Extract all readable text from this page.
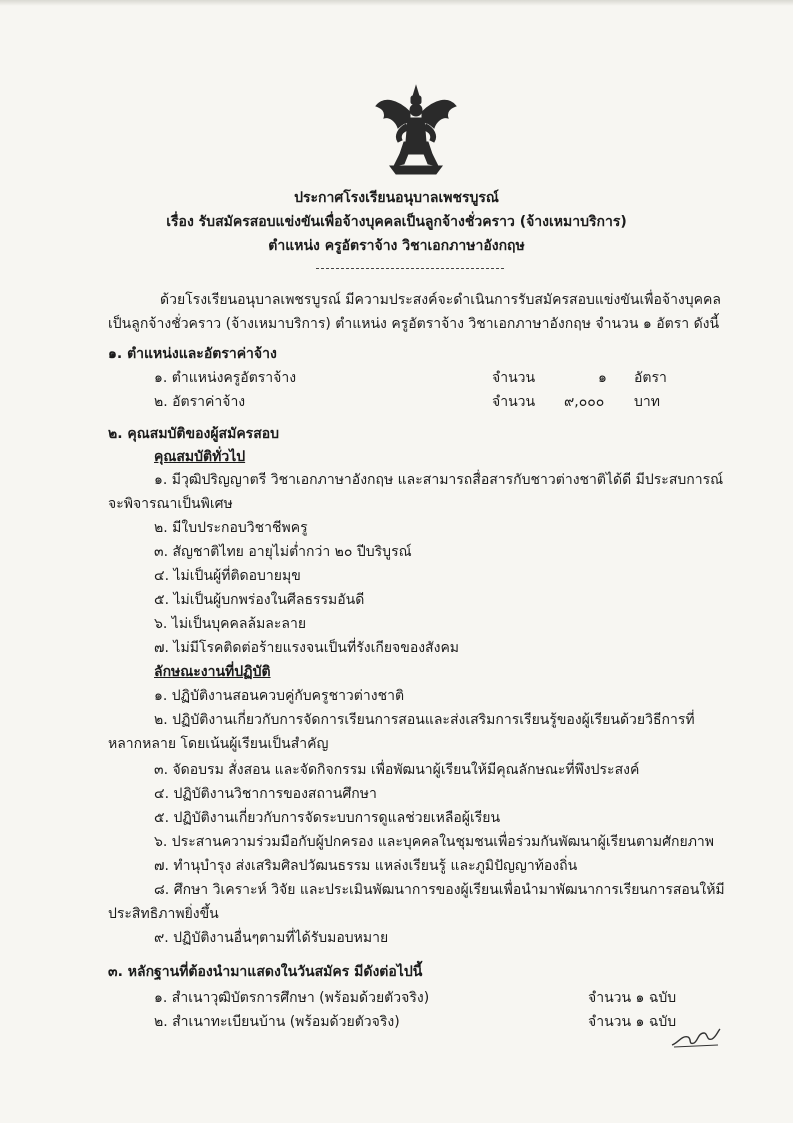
ประกาศโรงเรียนอนุบาลเพชรบูรณ์
เรื่อง รับสมัครสอบแข่งขันเพื่อจ้างบุคคลเป็นลูกจ้างชั่วคราว (จ้างเหมาบริการ)
ตำแหน่ง ครูอัตราจ้าง วิชาเอกภาษาอังกฤษ
ด้วยโรงเรียนอนุบาลเพชรบูรณ์ มีความประสงค์จะดำเนินการรับสมัครสอบแข่งขันเพื่อจ้างบุคคล
เป็นลูกจ้างชั่วคราว (จ้างเหมาบริการ) ตำแหน่ง ครูอัตราจ้าง วิชาเอกภาษาอังกฤษ จำนวน ๑ อัตรา ดังนี้
๑. ตำแหน่งและอัตราค่าจ้าง
๑. ตำแหน่งครูอัตราจ้าง	จำนวน	๑ อัตรา
๒. อัตราค่าจ้าง	จำนวน ๙,๐๐๐ บาท
๒. คุณสมบัติของผู้สมัครสอบ
คุณสมบัติทั่วไป
๑. มีวุฒิปริญญาตรี วิชาเอกภาษาอังกฤษ และสามารถสื่อสารกับชาวต่างชาติได้ดี มีประสบการณ์
จะพิจารณาเป็นพิเศษ
๒. มีใบประกอบวิชาชีพครู
๓. สัญชาติไทย อายุไม่ต่ำกว่า ๒๐ ปีบริบูรณ์
๔. ไม่เป็นผู้ที่ติดอบายมุข
๕. ไม่เป็นผู้บกพร่องในศีลธรรมอันดี
๖. ไม่เป็นบุคคลล้มละลาย
๗. ไม่มีโรคติดต่อร้ายแรงจนเป็นที่รังเกียจของสังคม
ลักษณะงานที่ปฏิบัติ
๑. ปฏิบัติงานสอนควบคู่กับครูชาวต่างชาติ
๒. ปฏิบัติงานเกี่ยวกับการจัดการเรียนการสอนและส่งเสริมการเรียนรู้ของผู้เรียนด้วยวิธีการที่
หลากหลาย โดยเน้นผู้เรียนเป็นสำคัญ
๓. จัดอบรม สั่งสอน และจัดกิจกรรม เพื่อพัฒนาผู้เรียนให้มีคุณลักษณะที่พึงประสงค์
๔. ปฏิบัติงานวิชาการของสถานศึกษา
๕. ปฏิบัติงานเกี่ยวกับการจัดระบบการดูแลช่วยเหลือผู้เรียน
๖. ประสานความร่วมมือกับผู้ปกครอง และบุคคลในชุมชนเพื่อร่วมกันพัฒนาผู้เรียนตามศักยภาพ
๗. ทำนุบำรุง ส่งเสริมศิลปวัฒนธรรม แหล่งเรียนรู้ และภูมิปัญญาท้องถิ่น
๘. ศึกษา วิเคราะห์ วิจัย และประเมินพัฒนาการของผู้เรียนเพื่อนำมาพัฒนาการเรียนการสอนให้มี
ประสิทธิภาพยิ่งขึ้น
๙. ปฏิบัติงานอื่นๆตามที่ได้รับมอบหมาย
๓. หลักฐานที่ต้องนำมาแสดงในวันสมัคร มีดังต่อไปนี้
๑. สำเนาวุฒิบัตรการศึกษา (พร้อมด้วยตัวจริง)	จำนวน ๑ ฉบับ
๒. สำเนาทะเบียนบ้าน (พร้อมด้วยตัวจริง)	จำนวน ๑ ฉบับ
